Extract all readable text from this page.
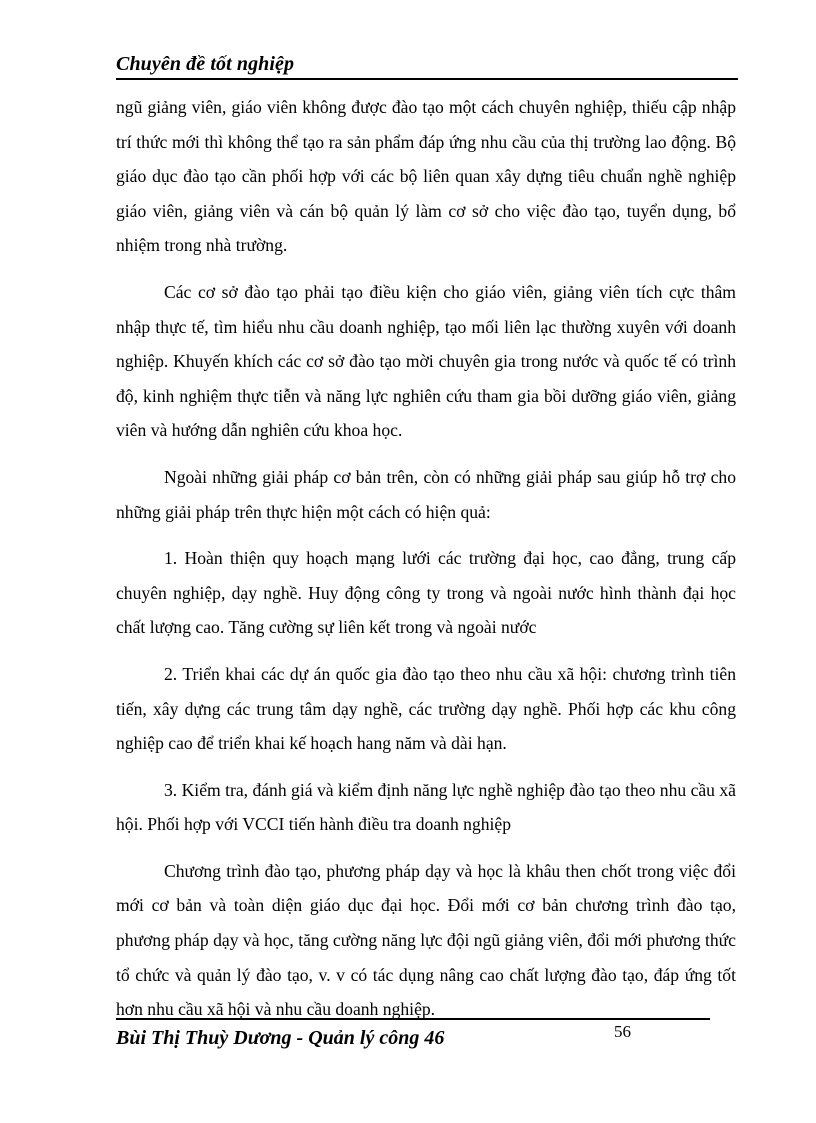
Chuyên đề tốt nghiệp

ngũ giảng viên, giáo viên không được đào tạo một cách chuyên nghiệp, thiếu cập nhập trí thức mới thì không thể tạo ra sản phẩm đáp ứng nhu cầu của thị trường lao động. Bộ giáo dục đào tạo cần phối hợp với các bộ liên quan xây dựng tiêu chuẩn nghề nghiệp giáo viên, giảng viên và cán bộ quản lý làm cơ sở cho việc đào tạo, tuyển dụng, bổ nhiệm trong nhà trường.

Các cơ sở đào tạo phải tạo điều kiện cho giáo viên, giảng viên tích cực thâm nhập thực tế, tìm hiểu nhu cầu doanh nghiệp, tạo mối liên lạc thường xuyên với doanh nghiệp. Khuyến khích các cơ sở đào tạo mời chuyên gia trong nước và quốc tế có trình độ, kinh nghiệm thực tiễn và năng lực nghiên cứu tham gia bồi dưỡng giáo viên, giảng viên và hướng dẫn nghiên cứu khoa học.

Ngoài những giải pháp cơ bản trên, còn có những giải pháp sau giúp hỗ trợ cho những giải pháp trên thực hiện một cách có hiện quả:

1. Hoàn thiện quy hoạch mạng lưới các trường đại học, cao đẳng, trung cấp chuyên nghiệp, dạy nghề. Huy động công ty trong và ngoài nước hình thành đại học chất lượng cao. Tăng cường sự liên kết trong và ngoài nước

2. Triển khai các dự án quốc gia đào tạo theo nhu cầu xã hội: chương trình tiên tiến, xây dựng các trung tâm dạy nghề, các trường dạy nghề. Phối hợp các khu công nghiệp cao để triển khai kế hoạch hang năm và dài hạn.

3. Kiểm tra, đánh giá và kiểm định năng lực nghề nghiệp đào tạo theo nhu cầu xã hội. Phối hợp với VCCI tiến hành điều tra doanh nghiệp

Chương trình đào tạo, phương pháp dạy và học là khâu then chốt trong việc đổi mới cơ bản và toàn diện giáo dục đại học. Đổi mới cơ bản chương trình đào tạo, phương pháp dạy và học, tăng cường năng lực đội ngũ giảng viên, đổi mới phương thức tổ chức và quản lý đào tạo, v. v có tác dụng nâng cao chất lượng đào tạo, đáp ứng tốt hơn nhu cầu xã hội và nhu cầu doanh nghiệp.

Bùi Thị Thuỳ Dương - Quản lý công 46	56
